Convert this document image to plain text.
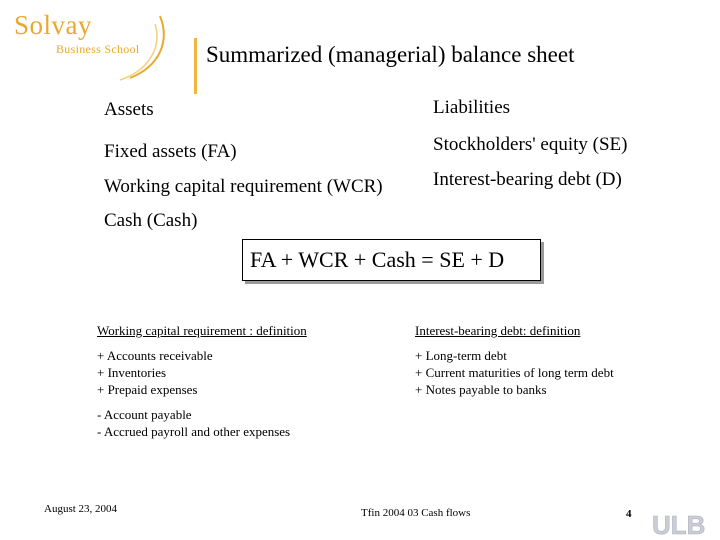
Solvay
Business School	Summarized (managerial) balance sheet
Assets
Fixed assets (FA)
Working capital requirement (WCR)
Cash (Cash)
Liabilities
Stockholders' equity (SE)
Interest-bearing debt (D)
FA + WCR + Cash = SE + D
Working capital requirement : definition
+ Accounts receivable
+ Inventories
+ Prepaid expenses
- Account payable
- Accrued payroll and other expenses
Interest-bearing debt: definition
+ Long-term debt
+ Current maturities of long term debt
+ Notes payable to banks
August 23, 2004	Tfin 2004 03 Cash flows	4 ULB
